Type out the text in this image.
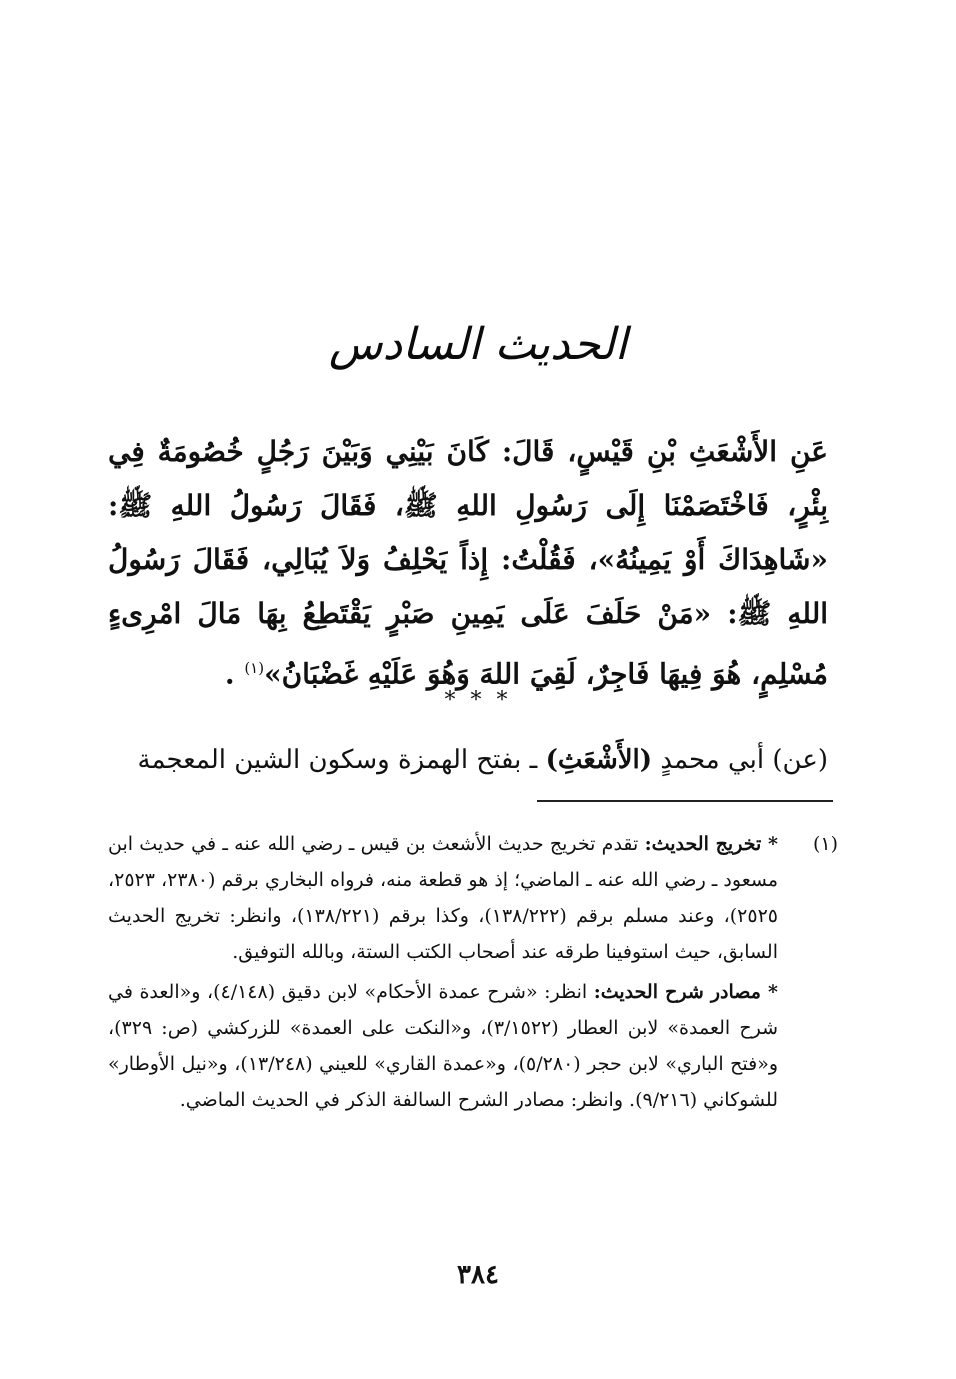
الحديث السادس
عَنِ الأَشْعَثِ بْنِ قَيْسٍ، قَالَ: كَانَ بَيْنِي وَبَيْنَ رَجُلٍ خُصُومَةٌ فِي بِئْرٍ، فَاخْتَصَمْنَا إِلَى رَسُولِ اللهِ ﷺ، فَقَالَ رَسُولُ اللهِ ﷺ: «شَاهِدَاكَ أَوْ يَمِينُهُ»، فَقُلْتُ: إِذاً يَحْلِفُ وَلاَ يُبَالِي، فَقَالَ رَسُولُ اللهِ ﷺ: «مَنْ حَلَفَ عَلَى يَمِينِ صَبْرٍ يَقْتَطِعُ بِهَا مَالَ امْرِىءٍ مُسْلِمٍ، هُوَ فِيهَا فَاجِرٌ، لَقِيَ اللهَ وَهُوَ عَلَيْهِ غَضْبَانُ»$^{(١)}$ .
* * *
(عن) أبي محمدٍ (الأَشْعَثِ) ـ بفتح الهمزة وسكون الشين المعجمة
(١)
* تخريج الحديث: تقدم تخريج حديث الأشعث بن قيس ـ رضي الله عنه ـ في حديث ابن مسعود ـ رضي الله عنه ـ الماضي؛ إذ هو قطعة منه، فرواه البخاري برقم (٢٣٨٠، ٢٥٢٣، ٢٥٢٥)، وعند مسلم برقم (١٣٨/٢٢٢)، وكذا برقم (١٣٨/٢٢١)، وانظر: تخريج الحديث السابق، حيث استوفينا طرقه عند أصحاب الكتب الستة، وبالله التوفيق.
* مصادر شرح الحديث: انظر: «شرح عمدة الأحكام» لابن دقيق (٤/١٤٨)، و«العدة في شرح العمدة» لابن العطار (٣/١٥٢٢)، و«النكت على العمدة» للزركشي (ص: ٣٢٩)، و«فتح الباري» لابن حجر (٥/٢٨٠)، و«عمدة القاري» للعيني (١٣/٢٤٨)، و«نيل الأوطار» للشوكاني (٩/٢١٦). وانظر: مصادر الشرح السالفة الذكر في الحديث الماضي.
٣٨٤
